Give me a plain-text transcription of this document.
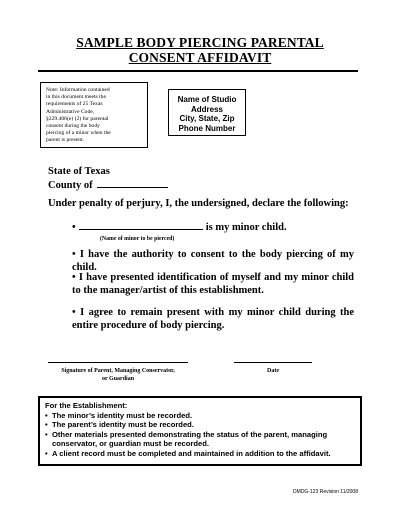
SAMPLE BODY PIERCING PARENTAL
CONSENT AFFIDAVIT
Note: Information contained
in this document meets the
requirements of 25 Texas
Administrative Code,
§229.406(e) (2) for parental
consent during the body
piercing of a minor when the
parent is present.
Name of Studio
Address
City, State, Zip
Phone Number
State of Texas
County of
Under penalty of perjury, I, the undersigned, declare the following:
•	is my minor child.
(Name of minor to be pierced)
• I have the authority to consent to the body piercing of my child.
• I have presented identification of myself and my minor child to the manager/artist of this establishment.
• I agree to remain present with my minor child during the entire procedure of body piercing.
Signature of Parent, Managing Conservator,
or Guardian
Date
For the Establishment:
• The minor’s identity must be recorded.
• The parent’s identity must be recorded.
• Other materials presented demonstrating the status of the parent, managing conservator, or guardian must be recorded.
• A client record must be completed and maintained in addition to the affidavit.
DMDG-123 Revision 11/2008
